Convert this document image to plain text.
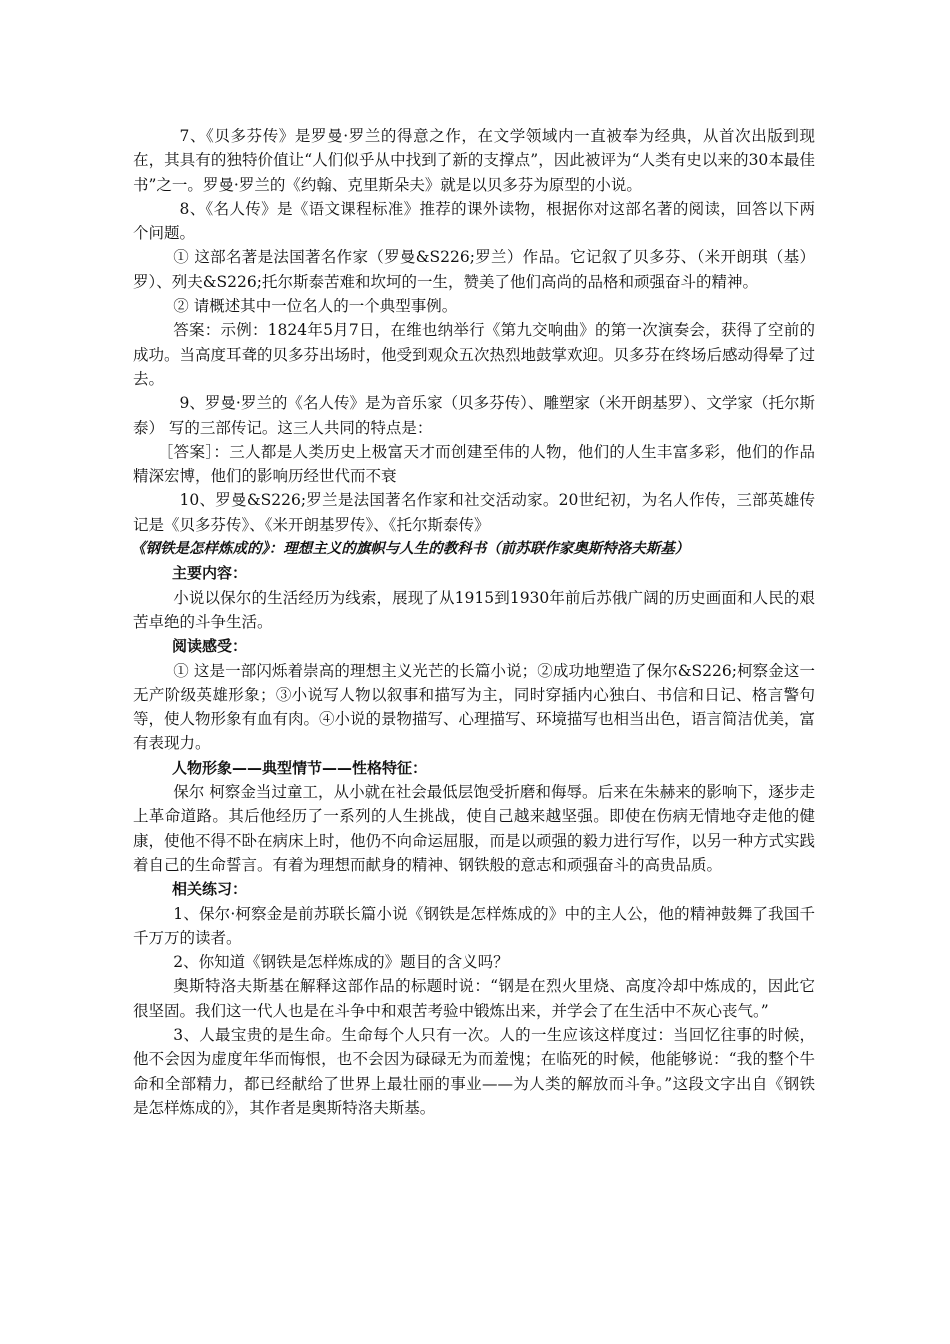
7、《贝多芬传》是罗曼·罗兰的得意之作，在文学领域内一直被奉为经典，从首次出版到现在，其具有的独特价值让“人们似乎从中找到了新的支撑点”，因此被评为“人类有史以来的30本最佳书”之一。罗曼·罗兰的《约翰、克里斯朵夫》就是以贝多芬为原型的小说。

8、《名人传》是《语文课程标准》推荐的课外读物，根据你对这部名著的阅读，回答以下两个问题。

① 这部名著是法国著名作家（罗曼&S226;罗兰）作品。它记叙了贝多芬、（米开朗琪（基）罗）、列夫&S226;托尔斯泰苦难和坎坷的一生，赞美了他们高尚的品格和顽强奋斗的精神。

② 请概述其中一位名人的一个典型事例。

答案：示例：1824年5月7日，在维也纳举行《第九交响曲》的第一次演奏会，获得了空前的成功。当高度耳聋的贝多芬出场时，他受到观众五次热烈地鼓掌欢迎。贝多芬在终场后感动得晕了过去。

9、罗曼·罗兰的《名人传》是为音乐家（贝多芬传）、雕塑家（米开朗基罗）、文学家（托尔斯泰） 写的三部传记。这三人共同的特点是：

［答案］：三人都是人类历史上极富天才而创建至伟的人物，他们的人生丰富多彩，他们的作品精深宏博，他们的影响历经世代而不衰

10、罗曼&S226;罗兰是法国著名作家和社交活动家。20世纪初，为名人作传，三部英雄传记是《贝多芬传》、《米开朗基罗传》、《托尔斯泰传》

《钢铁是怎样炼成的》：理想主义的旗帜与人生的教科书（前苏联作家奥斯特洛夫斯基）

主要内容：

小说以保尔的生活经历为线索，展现了从1915到1930年前后苏俄广阔的历史画面和人民的艰苦卓绝的斗争生活。

阅读感受：

① 这是一部闪烁着崇高的理想主义光芒的长篇小说；②成功地塑造了保尔&S226;柯察金这一无产阶级英雄形象；③小说写人物以叙事和描写为主，同时穿插内心独白、书信和日记、格言警句等，使人物形象有血有肉。④小说的景物描写、心理描写、环境描写也相当出色，语言简洁优美，富有表现力。

人物形象——典型情节——性格特征：

保尔 柯察金当过童工，从小就在社会最低层饱受折磨和侮辱。后来在朱赫来的影响下，逐步走上革命道路。其后他经历了一系列的人生挑战，使自己越来越坚强。即使在伤病无情地夺走他的健康，使他不得不卧在病床上时，他仍不向命运屈服，而是以顽强的毅力进行写作，以另一种方式实践着自己的生命誓言。有着为理想而献身的精神、钢铁般的意志和顽强奋斗的高贵品质。

相关练习：

1、保尔·柯察金是前苏联长篇小说《钢铁是怎样炼成的》中的主人公，他的精神鼓舞了我国千千万万的读者。

2、你知道《钢铁是怎样炼成的》题目的含义吗？

奥斯特洛夫斯基在解释这部作品的标题时说：“钢是在烈火里烧、高度冷却中炼成的，因此它很坚固。我们这一代人也是在斗争中和艰苦考验中锻炼出来，并学会了在生活中不灰心丧气。”

3、人最宝贵的是生命。生命每个人只有一次。人的一生应该这样度过：当回忆往事的时候，他不会因为虚度年华而悔恨，也不会因为碌碌无为而羞愧；在临死的时候，他能够说：“我的整个牛命和全部精力，都已经献给了世界上最壮丽的事业——为人类的解放而斗争。”这段文字出自《钢铁是怎样炼成的》，其作者是奥斯特洛夫斯基。
